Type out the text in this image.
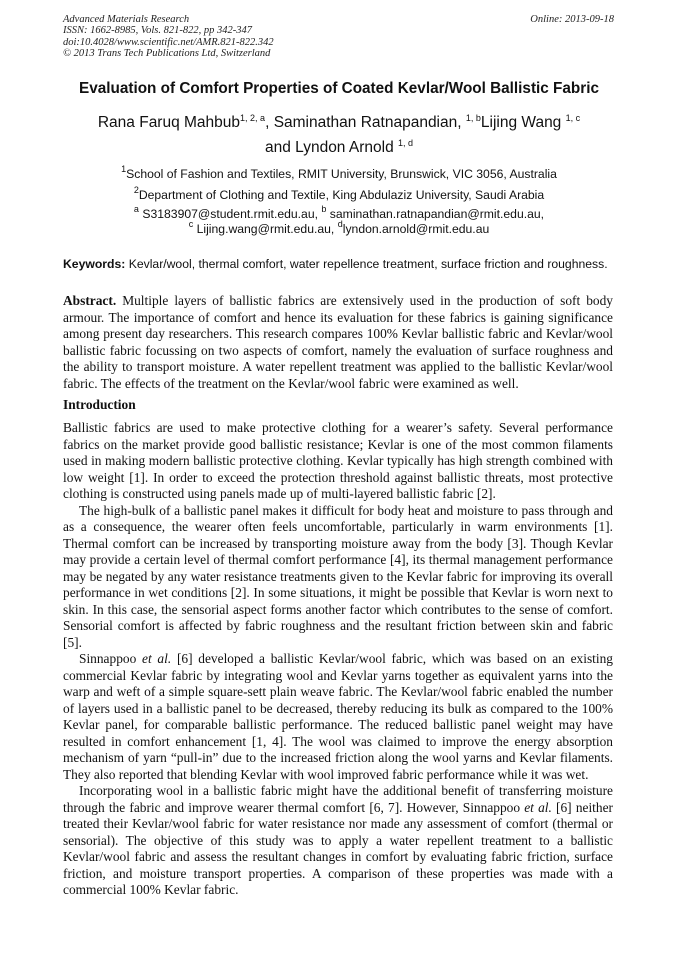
Advanced Materials Research
ISSN: 1662-8985, Vols. 821-822, pp 342-347
doi:10.4028/www.scientific.net/AMR.821-822.342
© 2013 Trans Tech Publications Ltd, Switzerland
Online: 2013-09-18
Evaluation of Comfort Properties of Coated Kevlar/Wool Ballistic Fabric
Rana Faruq Mahbub$^{1, 2, a}$, Saminathan Ratnapandian, $^{1, b}$Lijing Wang $^{1, c}$
and Lyndon Arnold $^{1, d}$
$^1$School of Fashion and Textiles, RMIT University, Brunswick, VIC 3056, Australia
$^2$Department of Clothing and Textile, King Abdulaziz University, Saudi Arabia
$^a$ S3183907@student.rmit.edu.au, $^b$ saminathan.ratnapandian@rmit.edu.au,
$^c$ Lijing.wang@rmit.edu.au, $^d$lyndon.arnold@rmit.edu.au
Keywords: Kevlar/wool, thermal comfort, water repellence treatment, surface friction and roughness.
Abstract. Multiple layers of ballistic fabrics are extensively used in the production of soft body armour. The importance of comfort and hence its evaluation for these fabrics is gaining significance among present day researchers. This research compares 100% Kevlar ballistic fabric and Kevlar/wool ballistic fabric focussing on two aspects of comfort, namely the evaluation of surface roughness and the ability to transport moisture. A water repellent treatment was applied to the ballistic Kevlar/wool fabric. The effects of the treatment on the Kevlar/wool fabric were examined as well.
Introduction

Ballistic fabrics are used to make protective clothing for a wearer’s safety. Several performance fabrics on the market provide good ballistic resistance; Kevlar is one of the most common filaments used in making modern ballistic protective clothing. Kevlar typically has high strength combined with low weight [1]. In order to exceed the protection threshold against ballistic threats, most protective clothing is constructed using panels made up of multi-layered ballistic fabric [2].

The high-bulk of a ballistic panel makes it difficult for body heat and moisture to pass through and as a consequence, the wearer often feels uncomfortable, particularly in warm environments [1]. Thermal comfort can be increased by transporting moisture away from the body [3]. Though Kevlar may provide a certain level of thermal comfort performance [4], its thermal management performance may be negated by any water resistance treatments given to the Kevlar fabric for improving its overall performance in wet conditions [2]. In some situations, it might be possible that Kevlar is worn next to skin. In this case, the sensorial aspect forms another factor which contributes to the sense of comfort. Sensorial comfort is affected by fabric roughness and the resultant friction between skin and fabric [5].

Sinnappoo et al. [6] developed a ballistic Kevlar/wool fabric, which was based on an existing commercial Kevlar fabric by integrating wool and Kevlar yarns together as equivalent yarns into the warp and weft of a simple square-sett plain weave fabric. The Kevlar/wool fabric enabled the number of layers used in a ballistic panel to be decreased, thereby reducing its bulk as compared to the 100% Kevlar panel, for comparable ballistic performance. The reduced ballistic panel weight may have resulted in comfort enhancement [1, 4]. The wool was claimed to improve the energy absorption mechanism of yarn “pull-in” due to the increased friction along the wool yarns and Kevlar filaments. They also reported that blending Kevlar with wool improved fabric performance while it was wet.

Incorporating wool in a ballistic fabric might have the additional benefit of transferring moisture through the fabric and improve wearer thermal comfort [6, 7]. However, Sinnappoo et al. [6] neither treated their Kevlar/wool fabric for water resistance nor made any assessment of comfort (thermal or sensorial). The objective of this study was to apply a water repellent treatment to a ballistic Kevlar/wool fabric and assess the resultant changes in comfort by evaluating fabric friction, surface friction, and moisture transport properties. A comparison of these properties was made with a commercial 100% Kevlar fabric.
